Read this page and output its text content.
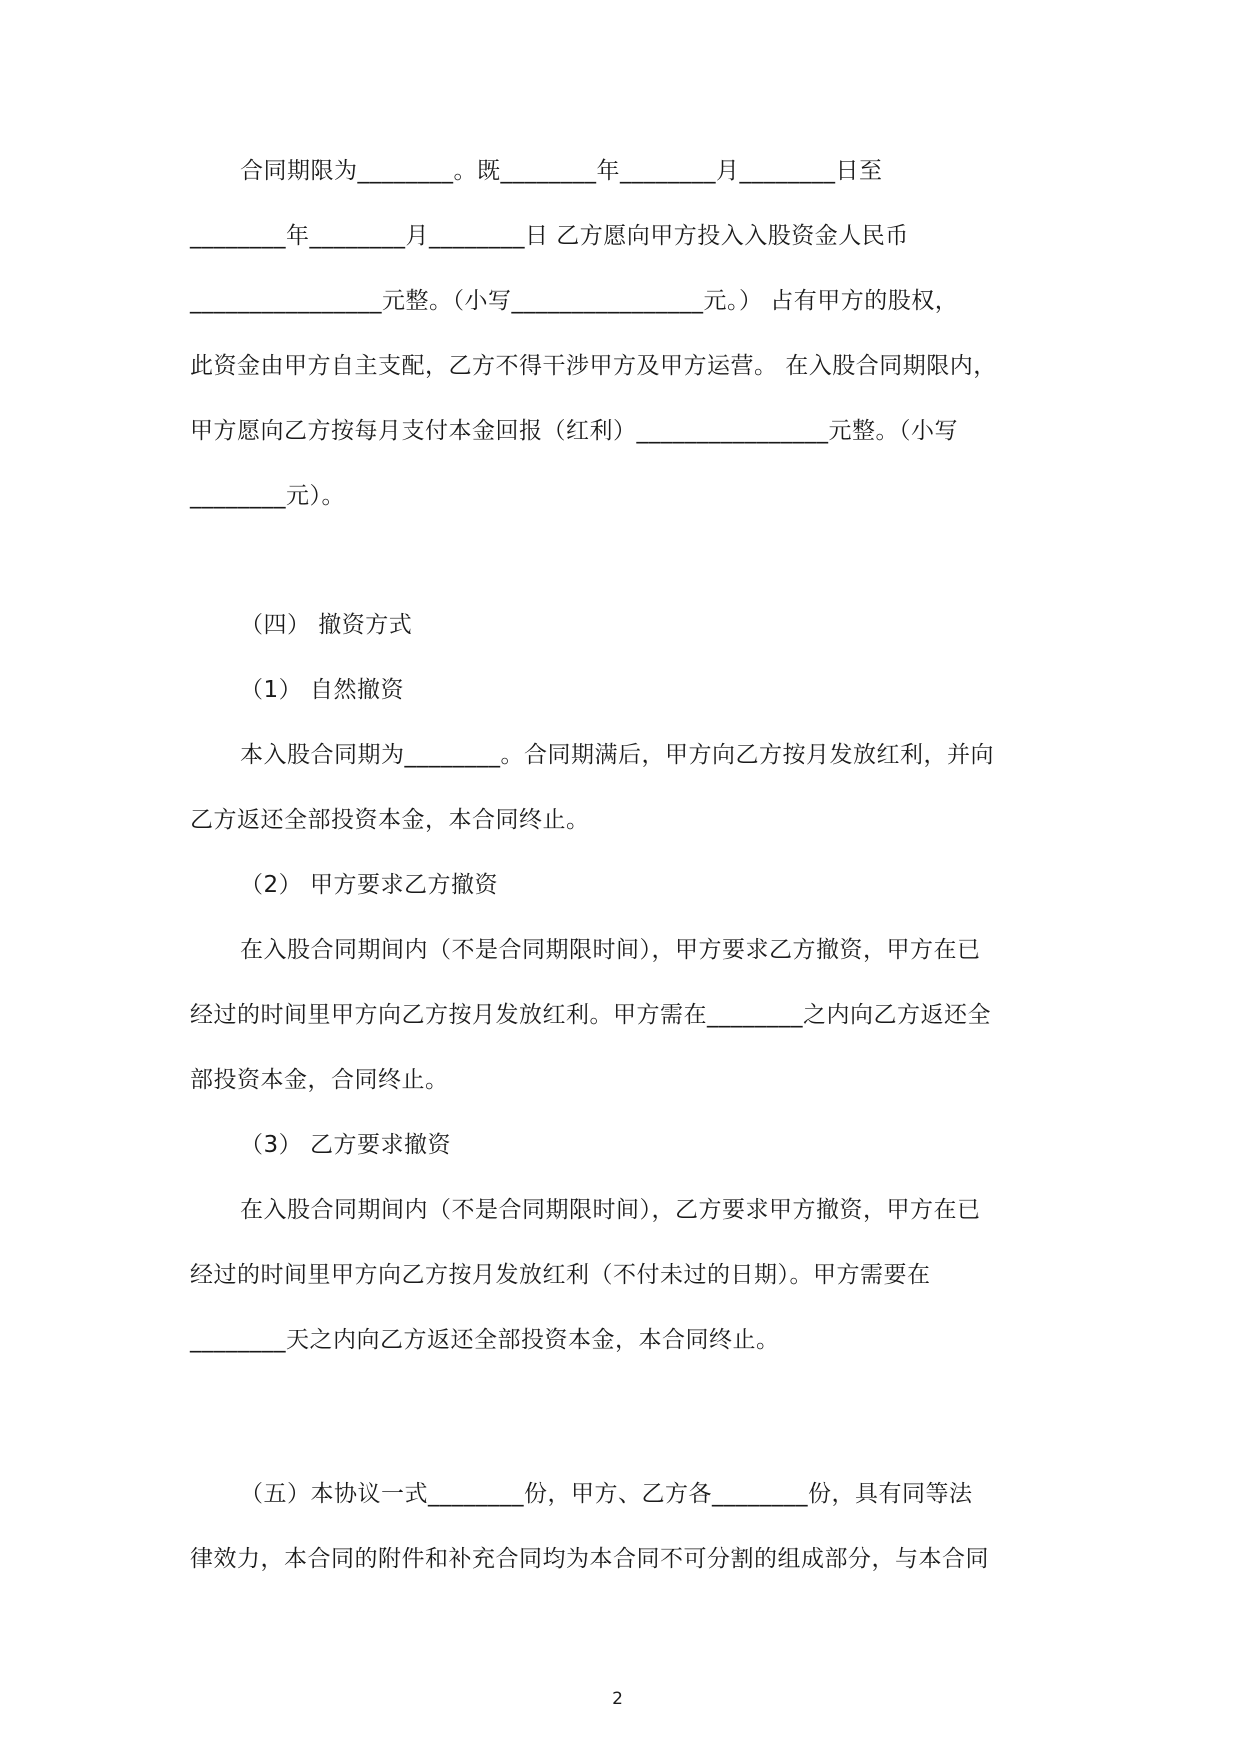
合同期限为________。既________年________月________日至
________年________月________日 乙方愿向甲方投入入股资金人民币
________________元整。（小写________________元。） 占有甲方的股权，
此资金由甲方自主支配，乙方不得干涉甲方及甲方运营。 在入股合同期限内，
甲方愿向乙方按每月支付本金回报（红利）________________元整。（小写
________元）。
（四） 撤资方式
（1） 自然撤资
本入股合同期为________。合同期满后，甲方向乙方按月发放红利，并向
乙方返还全部投资本金，本合同终止。
（2） 甲方要求乙方撤资
在入股合同期间内（不是合同期限时间），甲方要求乙方撤资，甲方在已
经过的时间里甲方向乙方按月发放红利。甲方需在________之内向乙方返还全
部投资本金，合同终止。
（3） 乙方要求撤资
在入股合同期间内（不是合同期限时间），乙方要求甲方撤资，甲方在已
经过的时间里甲方向乙方按月发放红利（不付未过的日期）。甲方需要在
________天之内向乙方返还全部投资本金，本合同终止。
（五）本协议一式________份，甲方、乙方各________份，具有同等法
律效力，本合同的附件和补充合同均为本合同不可分割的组成部分，与本合同
2
